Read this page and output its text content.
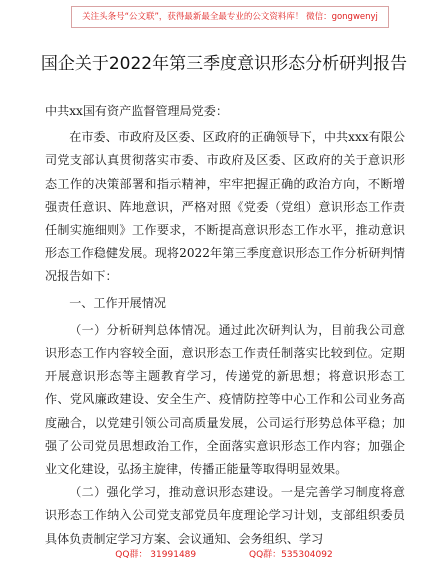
关注头条号“公文联”，获得最新最全最专业的公文资料库！ 微信：gongwenyj
国企关于2022年第三季度意识形态分析研判报告

中共xx国有资产监督管理局党委：

在市委、市政府及区委、区政府的正确领导下，中共xxx有限公司党支部认真贯彻落实市委、市政府及区委、区政府的关于意识形态工作的决策部署和指示精神，牢牢把握正确的政治方向，不断增强责任意识、阵地意识，严格对照《党委（党组）意识形态工作责任制实施细则》工作要求，不断提高意识形态工作水平，推动意识形态工作稳健发展。现将2022年第三季度意识形态工作分析研判情况报告如下：

一、工作开展情况

（一）分析研判总体情况。通过此次研判认为，目前我公司意识形态工作内容较全面，意识形态工作责任制落实比较到位。定期开展意识形态等主题教育学习，传递党的新思想；将意识形态工作、党风廉政建设、安全生产、疫情防控等中心工作和公司业务高度融合，以党建引领公司高质量发展，公司运行形势总体平稳；加强了公司党员思想政治工作，全面落实意识形态工作内容；加强企业文化建设，弘扬主旋律，传播正能量等取得明显效果。

（二）强化学习，推动意识形态建设。一是完善学习制度将意识形态工作纳入公司党支部党员年度理论学习计划，支部组织委员具体负责制定学习方案、会议通知、会务组织、学习

QQ群： 31991489	QQ群：535304092
